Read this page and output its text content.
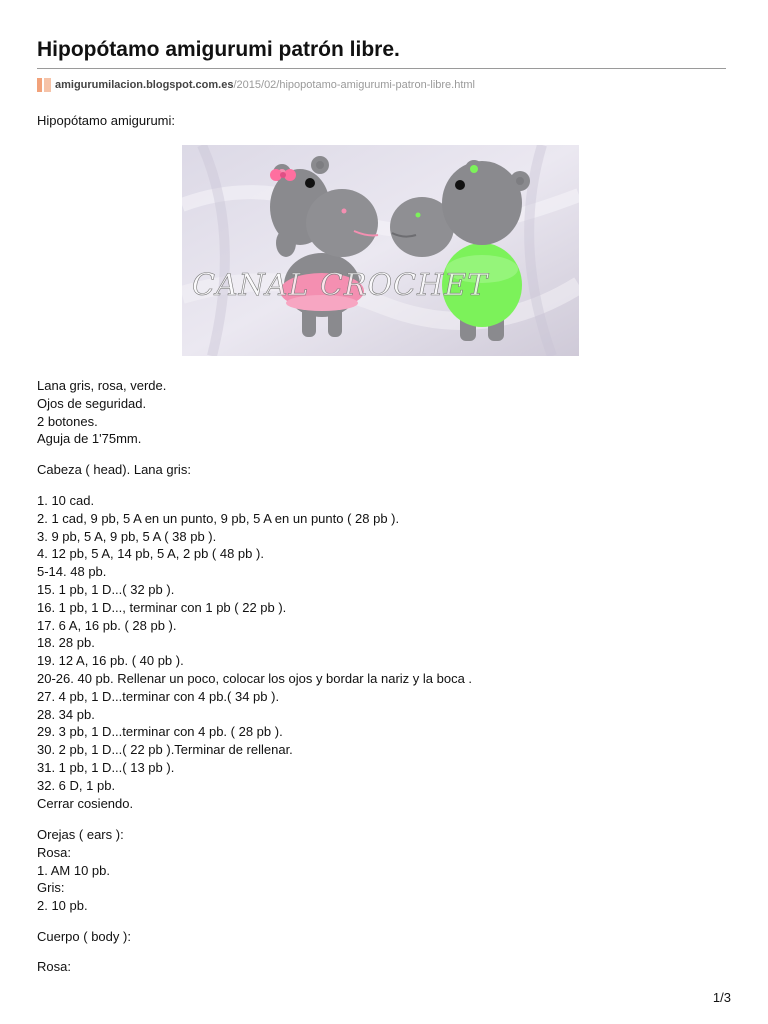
Hipopótamo amigurumi patrón libre.
amigurumilacion.blogspot.com.es /2015/02/hipopotamo-amigurumi-patron-libre.html

Hipopótamo amigurumi:

CANAL CROCHET
Lana gris, rosa, verde.
Ojos de seguridad.
2 botones.
Aguja de 1'75mm.

Cabeza ( head). Lana gris:

1. 10 cad.
2. 1 cad, 9 pb, 5 A en un punto, 9 pb, 5 A en un punto ( 28 pb ).
3. 9 pb, 5 A, 9 pb, 5 A ( 38 pb ).
4. 12 pb, 5 A, 14 pb, 5 A, 2 pb ( 48 pb ).
5-14. 48 pb.
15. 1 pb, 1 D...( 32 pb ).
16. 1 pb, 1 D..., terminar con 1 pb ( 22 pb ).
17. 6 A, 16 pb. ( 28 pb ).
18. 28 pb.
19. 12 A, 16 pb. ( 40 pb ).
20-26. 40 pb. Rellenar un poco, colocar los ojos y bordar la nariz y la boca .
27. 4 pb, 1 D...terminar con 4 pb.( 34 pb ).
28. 34 pb.
29. 3 pb, 1 D...terminar con 4 pb. ( 28 pb ).
30. 2 pb, 1 D...( 22 pb ).Terminar de rellenar.
31. 1 pb, 1 D...( 13 pb ).
32. 6 D, 1 pb.
Cerrar cosiendo.
Orejas ( ears ):
Rosa:
1. AM 10 pb.
Gris:
2. 10 pb.

Cuerpo ( body ):

Rosa:

1/3
